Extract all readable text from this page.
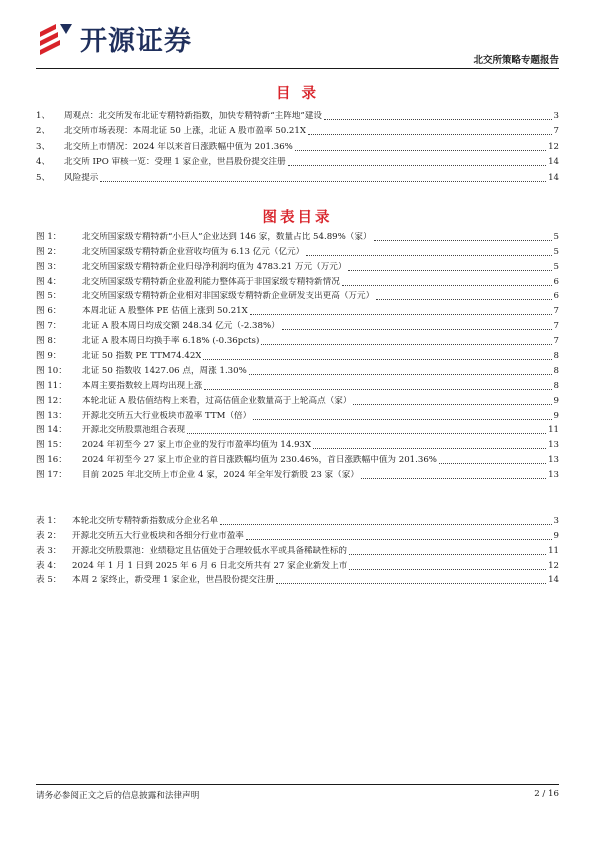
开源证券
北交所策略专题报告
目 录
1、	周观点：北交所发布北证专精特新指数，加快专精特新“主阵地”建设	3
2、	北交所市场表现：本周北证 50 上涨，北证 A 股市盈率 50.21X	7
3、	北交所上市情况：2024 年以来首日涨跌幅中值为 201.36%	12
4、	北交所 IPO 审核一览：受理 1 家企业，世昌股份提交注册	14
5、	风险提示	14
图表目录
图 1：	北交所国家级专精特新“小巨人”企业达到 146 家，数量占比 54.89%（家）	5
图 2：	北交所国家级专精特新企业营收均值为 6.13 亿元（亿元）	5
图 3：	北交所国家级专精特新企业归母净利润均值为 4783.21 万元（万元）	5
图 4：	北交所国家级专精特新企业盈利能力整体高于非国家级专精特新情况	6
图 5：	北交所国家级专精特新企业相对非国家级专精特新企业研发支出更高（万元）	6
图 6：	本周北证 A 股整体 PE 估值上涨到 50.21X	7
图 7：	北证 A 股本周日均成交额 248.34 亿元（-2.38%）	7
图 8：	北证 A 股本周日均换手率 6.18% (-0.36pcts)	7
图 9：	北证 50 指数 PE TTM74.42X	8
图 10：	北证 50 指数收 1427.06 点，周涨 1.30%	8
图 11：	本周主要指数较上周均出现上涨	8
图 12：	本轮北证 A 股估值结构上来看，过高估值企业数量高于上轮高点（家）	9
图 13：	开源北交所五大行业板块市盈率 TTM（倍）	9
图 14：	开源北交所股票池组合表现	11
图 15：	2024 年初至今 27 家上市企业的发行市盈率均值为 14.93X	13
图 16：	2024 年初至今 27 家上市企业的首日涨跌幅均值为 230.46%，首日涨跌幅中值为 201.36%	13
图 17：	目前 2025 年北交所上市企业 4 家，2024 年全年发行新股 23 家（家）	13
表 1：	本轮北交所专精特新指数成分企业名单	3
表 2：	开源北交所五大行业板块和各细分行业市盈率	9
表 3：	开源北交所股票池：业绩稳定且估值处于合理较低水平或具备稀缺性标的	11
表 4：	2024 年 1 月 1 日到 2025 年 6 月 6 日北交所共有 27 家企业新发上市	12
表 5：	本周 2 家终止，新受理 1 家企业，世昌股份提交注册	14
请务必参阅正文之后的信息披露和法律声明	2 / 16
